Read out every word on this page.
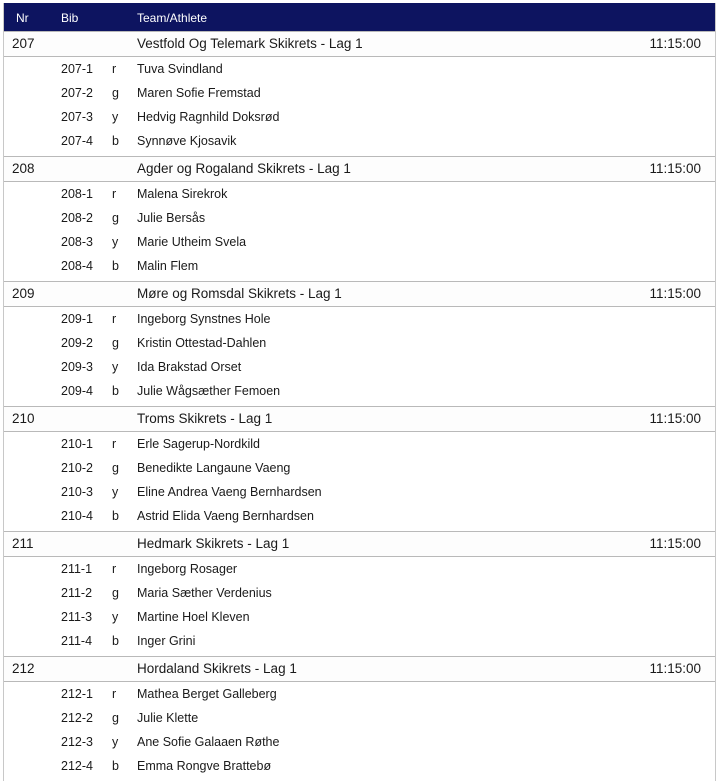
Nr	Bib	Team/Athlete
207	Vestfold Og Telemark Skikrets - Lag 1	11:15:00
207-1 r Tuva Svindland
207-2 g Maren Sofie Fremstad
207-3 y Hedvig Ragnhild Doksrød
207-4 b Synnøve Kjosavik
208	Agder og Rogaland Skikrets - Lag 1	11:15:00
208-1 r Malena Sirekrok
208-2 g Julie Bersås
208-3 y Marie Utheim Svela
208-4 b Malin Flem
209	Møre og Romsdal Skikrets - Lag 1	11:15:00
209-1 r Ingeborg Synstnes Hole
209-2 g Kristin Ottestad-Dahlen
209-3 y Ida Brakstad Orset
209-4 b Julie Wågsæther Femoen
210	Troms Skikrets - Lag 1	11:15:00
210-1 r Erle Sagerup-Nordkild
210-2 g Benedikte Langaune Vaeng
210-3 y Eline Andrea Vaeng Bernhardsen
210-4 b Astrid Elida Vaeng Bernhardsen
211	Hedmark Skikrets - Lag 1	11:15:00
211-1 r Ingeborg Rosager
211-2 g Maria Sæther Verdenius
211-3 y Martine Hoel Kleven
211-4 b Inger Grini
212	Hordaland Skikrets - Lag 1	11:15:00
212-1 r Mathea Berget Galleberg
212-2 g Julie Klette
212-3 y Ane Sofie Galaaen Røthe
212-4 b Emma Rongve Brattebø
